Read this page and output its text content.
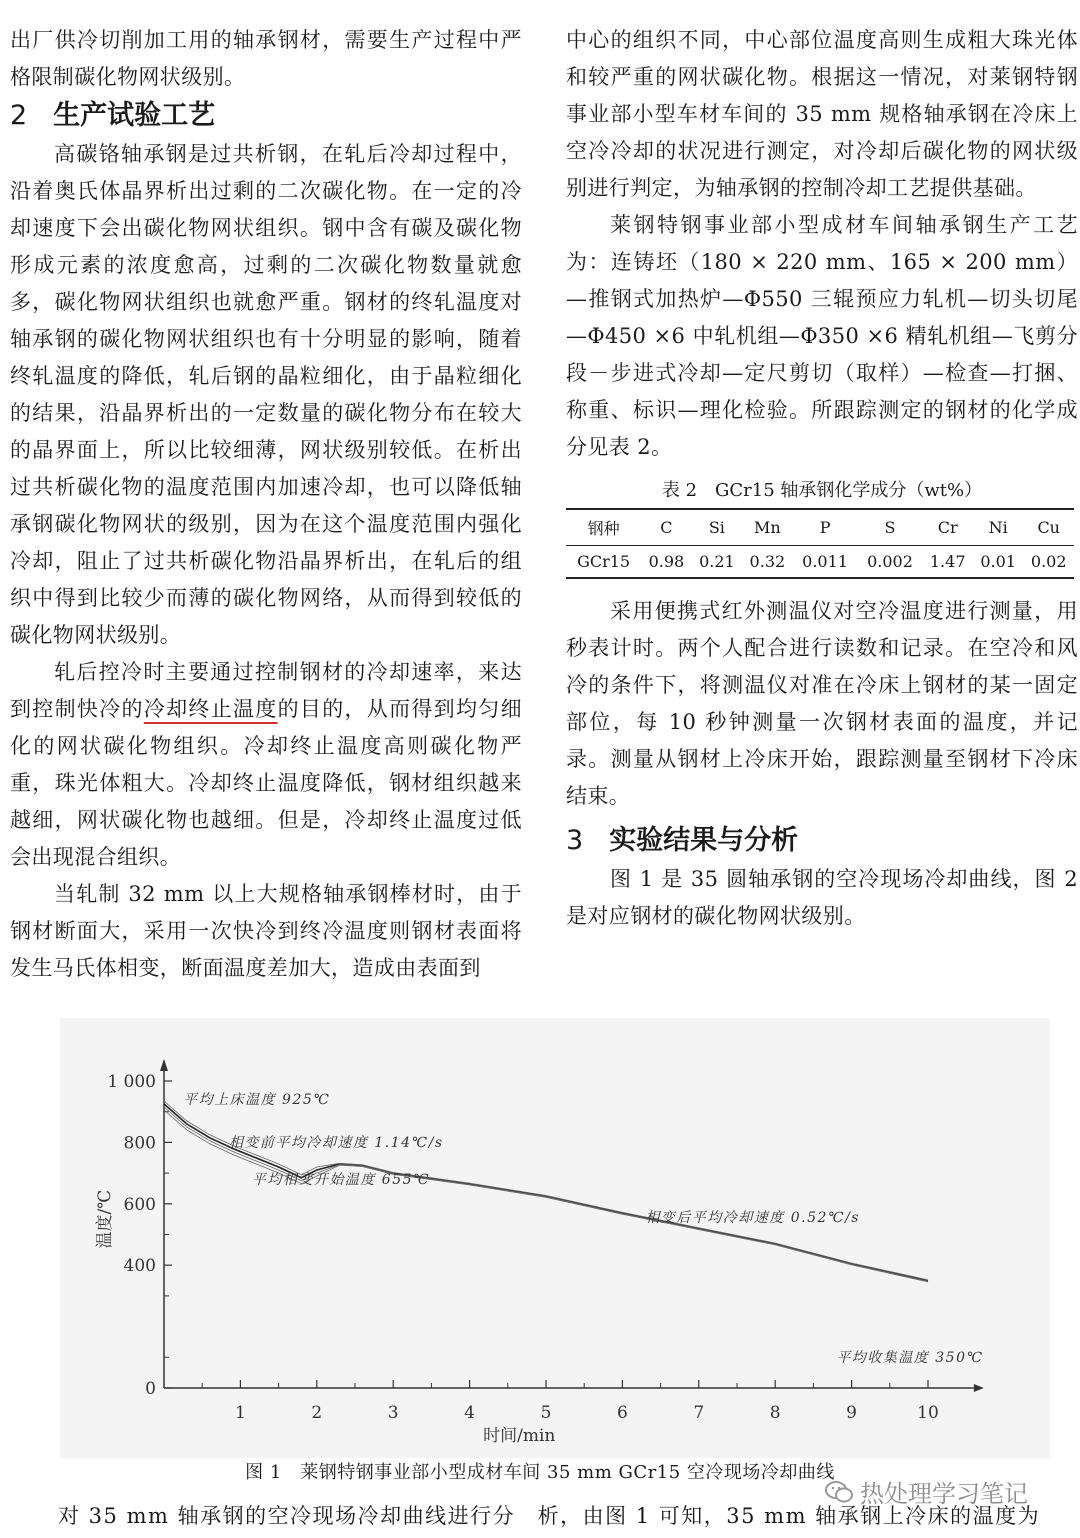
出厂供冷切削加工用的轴承钢材，需要生产过程中严格限制碳化物网状级别。

2 生产试验工艺

高碳铬轴承钢是过共析钢，在轧后冷却过程中，沿着奥氏体晶界析出过剩的二次碳化物。在一定的冷却速度下会出碳化物网状组织。钢中含有碳及碳化物形成元素的浓度愈高，过剩的二次碳化物数量就愈多，碳化物网状组织也就愈严重。钢材的终轧温度对轴承钢的碳化物网状组织也有十分明显的影响，随着终轧温度的降低，轧后钢的晶粒细化，由于晶粒细化的结果，沿晶界析出的一定数量的碳化物分布在较大的晶界面上，所以比较细薄，网状级别较低。在析出过共析碳化物的温度范围内加速冷却，也可以降低轴承钢碳化物网状的级别，因为在这个温度范围内强化冷却，阻止了过共析碳化物沿晶界析出，在轧后的组织中得到比较少而薄的碳化物网络，从而得到较低的碳化物网状级别。

轧后控冷时主要通过控制钢材的冷却速率，来达到控制快冷的冷却终止温度的目的，从而得到均匀细化的网状碳化物组织。冷却终止温度高则碳化物严重，珠光体粗大。冷却终止温度降低，钢材组织越来越细，网状碳化物也越细。但是，冷却终止温度过低会出现混合组织。

当轧制 32 mm 以上大规格轴承钢棒材时，由于钢材断面大，采用一次快冷到终冷温度则钢材表面将发生马氏体相变，断面温度差加大，造成由表面到

中心的组织不同，中心部位温度高则生成粗大珠光体和较严重的网状碳化物。根据这一情况，对莱钢特钢事业部小型车材车间的 35 mm 规格轴承钢在冷床上空冷冷却的状况进行测定，对冷却后碳化物的网状级别进行判定，为轴承钢的控制冷却工艺提供基础。

莱钢特钢事业部小型成材车间轴承钢生产工艺为：连铸坯（180 × 220 mm、165 × 200 mm）—推钢式加热炉—Φ550 三辊预应力轧机—切头切尾—Φ450 ×6 中轧机组—Φ350 ×6 精轧机组—飞剪分段－步进式冷却—定尺剪切（取样）—检查—打捆、称重、标识—理化检验。所跟踪测定的钢材的化学成分见表 2。

表 2　GCr15 轴承钢化学成分（wt%）
钢种	C	Si	Mn	P	S	Cr	Ni	Cu
GCr15	0.98	0.21	0.32	0.011	0.002	1.47	0.01	0.02

采用便携式红外测温仪对空冷温度进行测量，用秒表计时。两个人配合进行读数和记录。在空冷和风冷的条件下，将测温仪对准在冷床上钢材的某一固定部位，每 10 秒钟测量一次钢材表面的温度，并记录。测量从钢材上冷床开始，跟踪测量至钢材下冷床结束。

3 实验结果与分析

图 1 是 35 圆轴承钢的空冷现场冷却曲线，图 2 是对应钢材的碳化物网状级别。

1	2	3	4	5	6	7	8	9	10
0
400
600
800
1 000
时间/min
温度/℃
平均上床温度 925℃
相变前平均冷却速度 1.14℃/s
平均相变开始温度 655℃
相变后平均冷却速度 0.52℃/s
平均收集温度 350℃
图 1　莱钢特钢事业部小型成材车间 35 mm GCr15 空冷现场冷却曲线
热处理学习笔记
对 35 mm 轴承钢的空冷现场冷却曲线进行分　析，由图 1 可知，35 mm 轴承钢上冷床的温度为
